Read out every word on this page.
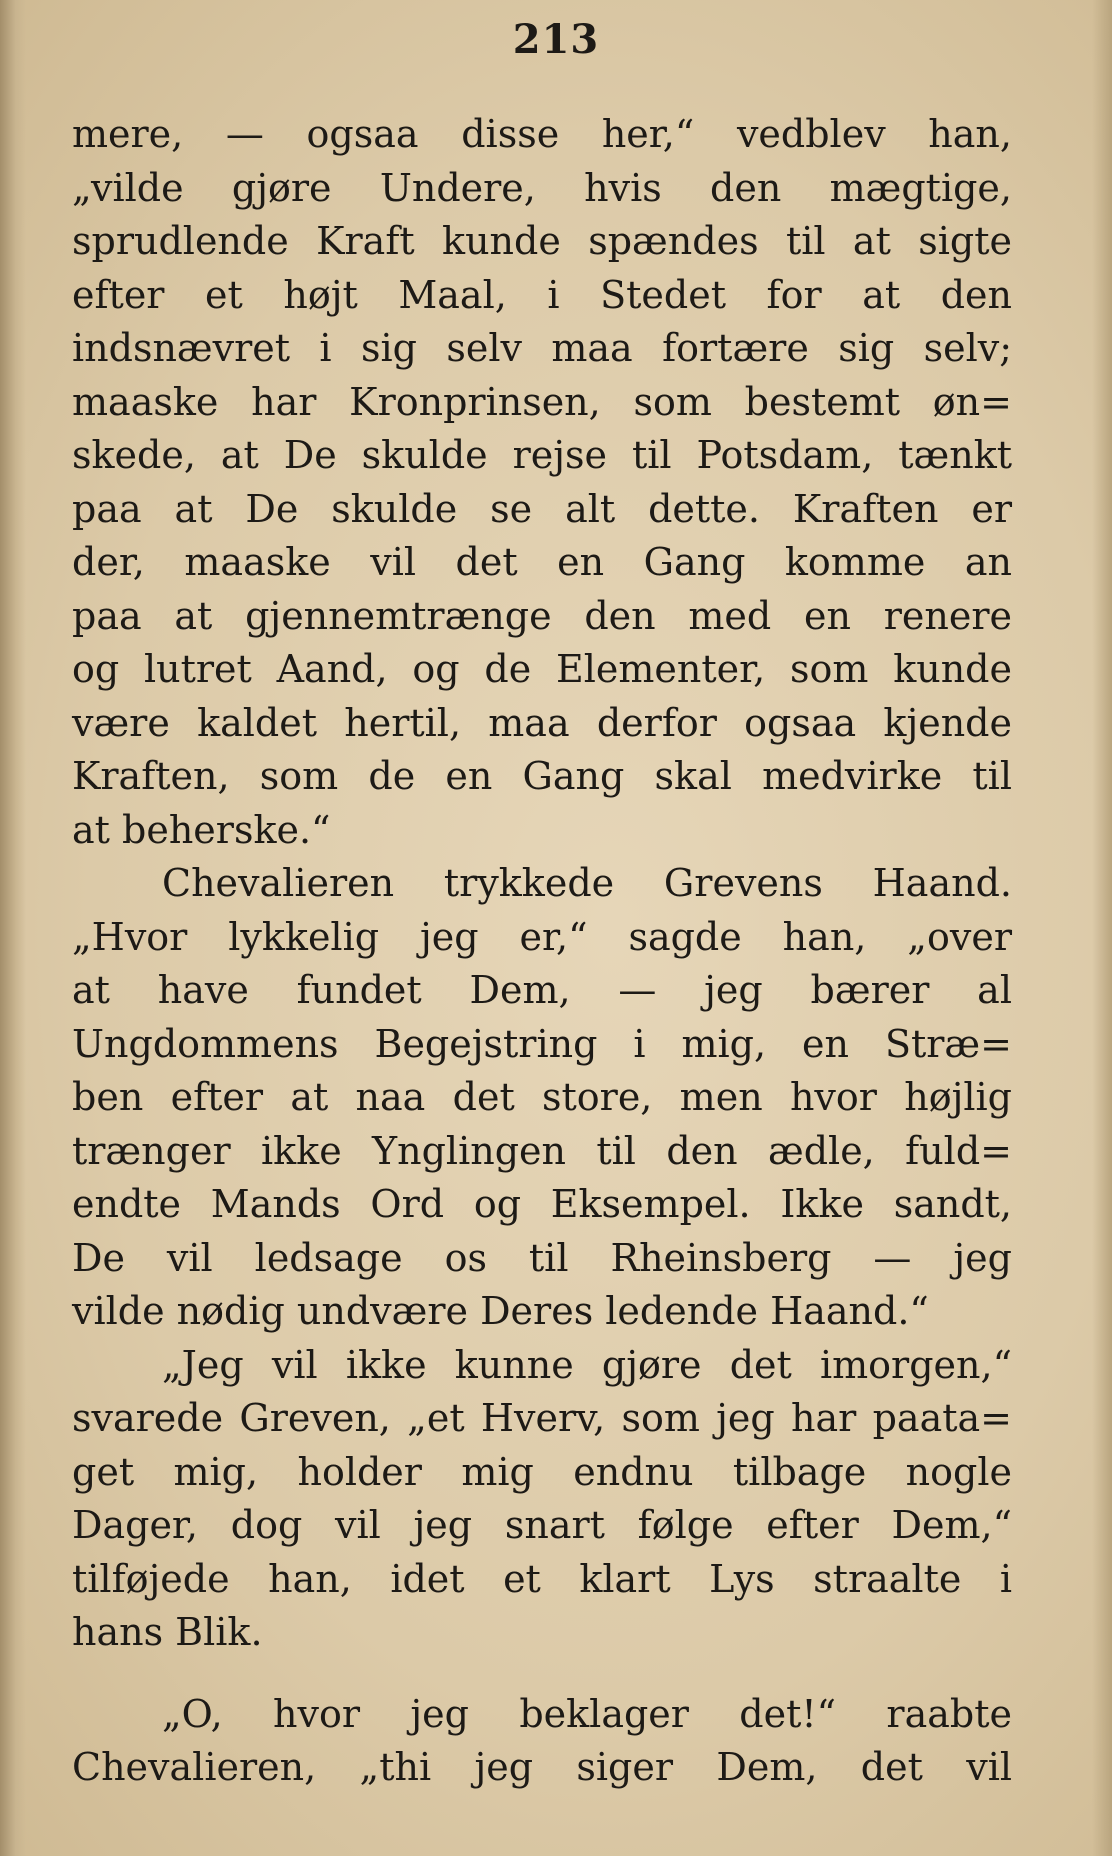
213
mere, — ogsaa disse her,“ vedblev han,
„vilde gjøre Undere, hvis den mægtige,
sprudlende Kraft kunde spændes til at sigte
efter et højt Maal, i Stedet for at den
indsnævret i sig selv maa fortære sig selv;
maaske har Kronprinsen, som bestemt øn=
skede, at De skulde rejse til Potsdam, tænkt
paa at De skulde se alt dette. Kraften er
der, maaske vil det en Gang komme an
paa at gjennemtrænge den med en renere
og lutret Aand, og de Elementer, som kunde
være kaldet hertil, maa derfor ogsaa kjende
Kraften, som de en Gang skal medvirke til
at beherske.“
Chevalieren trykkede Grevens Haand.
„Hvor lykkelig jeg er,“ sagde han, „over
at have fundet Dem, — jeg bærer al
Ungdommens Begejstring i mig, en Stræ=
ben efter at naa det store, men hvor højlig
trænger ikke Ynglingen til den ædle, fuld=
endte Mands Ord og Eksempel. Ikke sandt,
De vil ledsage os til Rheinsberg — jeg
vilde nødig undvære Deres ledende Haand.“
„Jeg vil ikke kunne gjøre det imorgen,“
svarede Greven, „et Hverv, som jeg har paata=
get mig, holder mig endnu tilbage nogle
Dager, dog vil jeg snart følge efter Dem,“
tilføjede han, idet et klart Lys straalte i
hans Blik.
„O, hvor jeg beklager det!“ raabte
Chevalieren, „thi jeg siger Dem, det vil
